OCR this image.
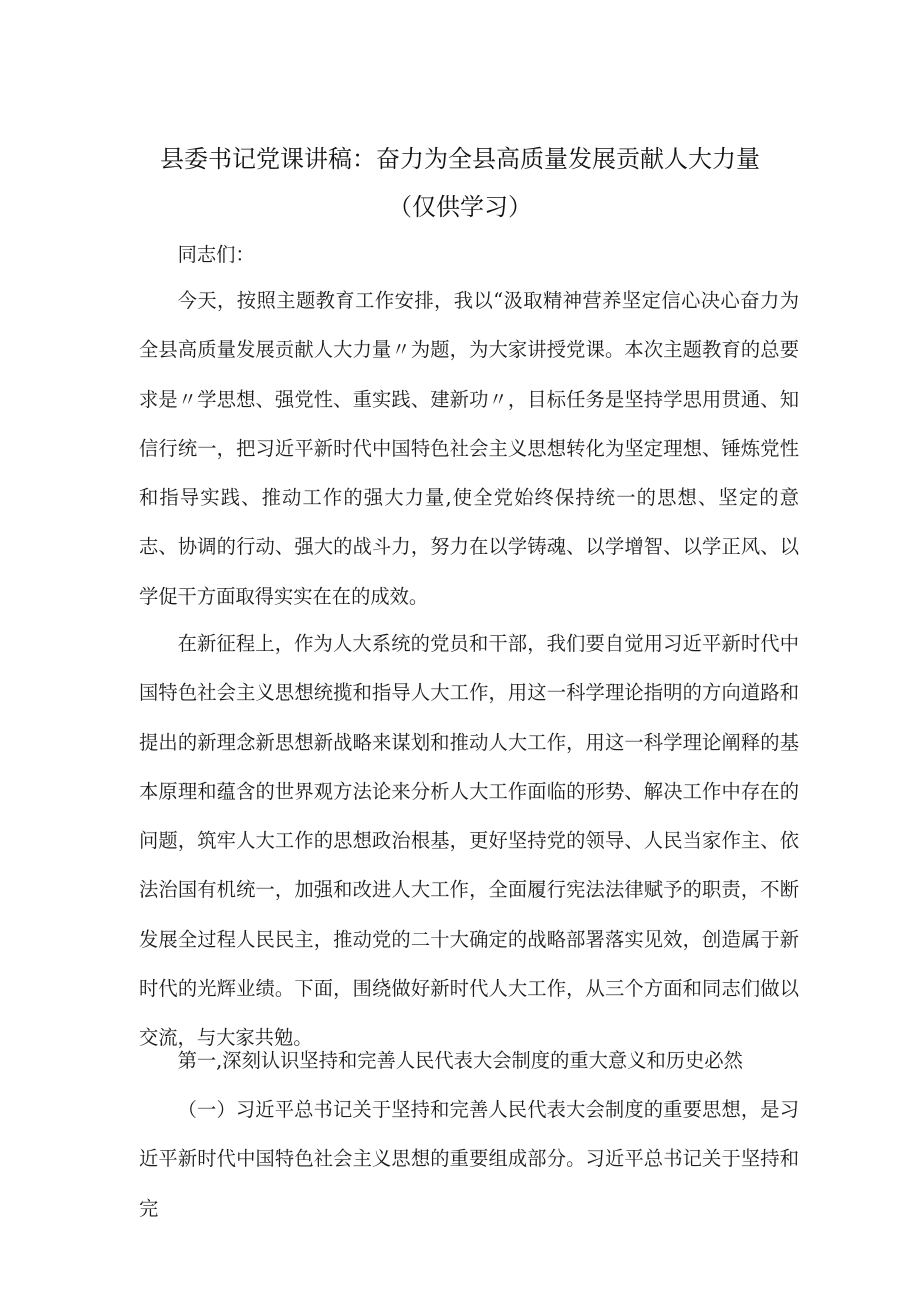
县委书记党课讲稿：奋力为全县高质量发展贡献人大力量
（仅供学习）

同志们：

今天，按照主题教育工作安排，我以“汲取精神营养坚定信心决心奋力为全县高质量发展贡献人大力量〃为题，为大家讲授党课。本次主题教育的总要求是〃学思想、强党性、重实践、建新功〃，目标任务是坚持学思用贯通、知信行统一，把习近平新时代中国特色社会主义思想转化为坚定理想、锤炼党性和指导实践、推动工作的强大力量,使全党始终保持统一的思想、坚定的意志、协调的行动、强大的战斗力，努力在以学铸魂、以学增智、以学正风、以学促干方面取得实实在在的成效。

在新征程上，作为人大系统的党员和干部，我们要自觉用习近平新时代中国特色社会主义思想统揽和指导人大工作，用这一科学理论指明的方向道路和提出的新理念新思想新战略来谋划和推动人大工作，用这一科学理论阐释的基本原理和蕴含的世界观方法论来分析人大工作面临的形势、解决工作中存在的问题，筑牢人大工作的思想政治根基，更好坚持党的领导、人民当家作主、依法治国有机统一，加强和改进人大工作，全面履行宪法法律赋予的职责，不断发展全过程人民民主，推动党的二十大确定的战略部署落实见效，创造属于新时代的光辉业绩。下面，围绕做好新时代人大工作，从三个方面和同志们做以交流，与大家共勉。

第一,深刻认识坚持和完善人民代表大会制度的重大意义和历史必然

（一）习近平总书记关于坚持和完善人民代表大会制度的重要思想，是习近平新时代中国特色社会主义思想的重要组成部分。习近平总书记关于坚持和完
